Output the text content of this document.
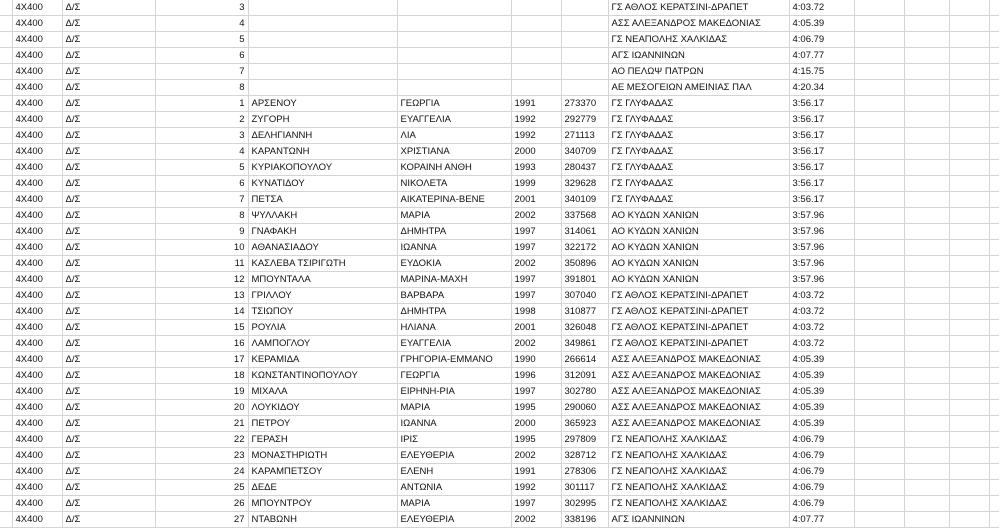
	4X400	Δ/Σ	3					ΓΣ ΑΘΛΟΣ ΚΕΡΑΤΣΙΝΙ-ΔΡΑΠΕΤ	4:03.72				
	4X400	Δ/Σ	4					ΑΣΣ ΑΛΕΞΑΝΔΡΟΣ ΜΑΚΕΔΟΝΙΑΣ	4:05.39				
	4X400	Δ/Σ	5					ΓΣ ΝΕΑΠΟΛΗΣ ΧΑΛΚΙΔΑΣ	4:06.79				
	4X400	Δ/Σ	6					ΑΓΣ ΙΩΑΝΝΙΝΩΝ	4:07.77				
	4X400	Δ/Σ	7					ΑΟ ΠΕΛΩΨ ΠΑΤΡΩΝ	4:15.75				
	4X400	Δ/Σ	8					ΑΕ ΜΕΣΟΓΕΙΩΝ ΑΜΕΙΝΙΑΣ ΠΑΛ	4:20.34				
	4X400	Δ/Σ	1	ΑΡΣΕΝΟΥ	ΓΕΩΡΓΙΑ	1991	273370	ΓΣ ΓΛΥΦΑΔΑΣ	3:56.17				
	4X400	Δ/Σ	2	ΖΥΓΟΡΗ	ΕΥΑΓΓΕΛΙΑ	1992	292779	ΓΣ ΓΛΥΦΑΔΑΣ	3:56.17				
	4X400	Δ/Σ	3	ΔΕΛΗΓΙΑΝΝΗ	ΛΙΑ	1992	271113	ΓΣ ΓΛΥΦΑΔΑΣ	3:56.17				
	4X400	Δ/Σ	4	ΚΑΡΑΝΤΩΝΗ	ΧΡΙΣΤΙΑΝΑ	2000	340709	ΓΣ ΓΛΥΦΑΔΑΣ	3:56.17				
	4X400	Δ/Σ	5	ΚΥΡΙΑΚΟΠΟΥΛΟΥ	ΚΟΡΑΙΝΗ ΑΝΘΗ	1993	280437	ΓΣ ΓΛΥΦΑΔΑΣ	3:56.17				
	4X400	Δ/Σ	6	ΚΥΝΑΤΙΔΟΥ	ΝΙΚΟΛΕΤΑ	1999	329628	ΓΣ ΓΛΥΦΑΔΑΣ	3:56.17				
	4X400	Δ/Σ	7	ΠΕΤΣΑ	ΑΙΚΑΤΕΡΙΝΑ-ΒΕΝΕ	2001	340109	ΓΣ ΓΛΥΦΑΔΑΣ	3:56.17				
	4X400	Δ/Σ	8	ΨΥΛΛΑΚΗ	ΜΑΡΙΑ	2002	337568	ΑΟ ΚΥΔΩΝ ΧΑΝΙΩΝ	3:57.96				
	4X400	Δ/Σ	9	ΓΝΑΦΑΚΗ	ΔΗΜΗΤΡΑ	1997	314061	ΑΟ ΚΥΔΩΝ ΧΑΝΙΩΝ	3:57.96				
	4X400	Δ/Σ	10	ΑΘΑΝΑΣΙΑΔΟΥ	ΙΩΑΝΝΑ	1997	322172	ΑΟ ΚΥΔΩΝ ΧΑΝΙΩΝ	3:57.96				
	4X400	Δ/Σ	11	ΚΑΣΛΕΒΑ ΤΣΙΡΙΓΩΤΗ	ΕΥΔΟΚΙΑ	2002	350896	ΑΟ ΚΥΔΩΝ ΧΑΝΙΩΝ	3:57.96				
	4X400	Δ/Σ	12	ΜΠΟΥΝΤΑΛΑ	ΜΑΡΙΝΑ-ΜΑΧΗ	1997	391801	ΑΟ ΚΥΔΩΝ ΧΑΝΙΩΝ	3:57.96				
	4X400	Δ/Σ	13	ΓΡΙΛΛΟΥ	ΒΑΡΒΑΡΑ	1997	307040	ΓΣ ΑΘΛΟΣ ΚΕΡΑΤΣΙΝΙ-ΔΡΑΠΕΤ	4:03.72				
	4X400	Δ/Σ	14	ΤΣΙΩΠΟΥ	ΔΗΜΗΤΡΑ	1998	310877	ΓΣ ΑΘΛΟΣ ΚΕΡΑΤΣΙΝΙ-ΔΡΑΠΕΤ	4:03.72				
	4X400	Δ/Σ	15	ΡΟΥΛΙΑ	ΗΛΙΑΝΑ	2001	326048	ΓΣ ΑΘΛΟΣ ΚΕΡΑΤΣΙΝΙ-ΔΡΑΠΕΤ	4:03.72				
	4X400	Δ/Σ	16	ΛΑΜΠΟΓΛΟΥ	ΕΥΑΓΓΕΛΙΑ	2002	349861	ΓΣ ΑΘΛΟΣ ΚΕΡΑΤΣΙΝΙ-ΔΡΑΠΕΤ	4:03.72				
	4X400	Δ/Σ	17	ΚΕΡΑΜΙΔΑ	ΓΡΗΓΟΡΙΑ-ΕΜΜΑΝΟ	1990	266614	ΑΣΣ ΑΛΕΞΑΝΔΡΟΣ ΜΑΚΕΔΟΝΙΑΣ	4:05.39				
	4X400	Δ/Σ	18	ΚΩΝΣΤΑΝΤΙΝΟΠΟΥΛΟΥ	ΓΕΩΡΓΙΑ	1996	312091	ΑΣΣ ΑΛΕΞΑΝΔΡΟΣ ΜΑΚΕΔΟΝΙΑΣ	4:05.39				
	4X400	Δ/Σ	19	ΜΙΧΑΛΑ	ΕΙΡΗΝΗ-ΡΙΑ	1997	302780	ΑΣΣ ΑΛΕΞΑΝΔΡΟΣ ΜΑΚΕΔΟΝΙΑΣ	4:05.39				
	4X400	Δ/Σ	20	ΛΟΥΚΙΔΟΥ	ΜΑΡΙΑ	1995	290060	ΑΣΣ ΑΛΕΞΑΝΔΡΟΣ ΜΑΚΕΔΟΝΙΑΣ	4:05.39				
	4X400	Δ/Σ	21	ΠΕΤΡΟΥ	ΙΩΑΝΝΑ	2000	365923	ΑΣΣ ΑΛΕΞΑΝΔΡΟΣ ΜΑΚΕΔΟΝΙΑΣ	4:05.39				
	4X400	Δ/Σ	22	ΓΕΡΑΣΗ	ΙΡΙΣ	1995	297809	ΓΣ ΝΕΑΠΟΛΗΣ ΧΑΛΚΙΔΑΣ	4:06.79				
	4X400	Δ/Σ	23	ΜΟΝΑΣΤΗΡΙΩΤΗ	ΕΛΕΥΘΕΡΙΑ	2002	328712	ΓΣ ΝΕΑΠΟΛΗΣ ΧΑΛΚΙΔΑΣ	4:06.79				
	4X400	Δ/Σ	24	ΚΑΡΑΜΠΕΤΣΟΥ	ΕΛΕΝΗ	1991	278306	ΓΣ ΝΕΑΠΟΛΗΣ ΧΑΛΚΙΔΑΣ	4:06.79				
	4X400	Δ/Σ	25	ΔΕΔΕ	ΑΝΤΩΝΙΑ	1992	301117	ΓΣ ΝΕΑΠΟΛΗΣ ΧΑΛΚΙΔΑΣ	4:06.79				
	4X400	Δ/Σ	26	ΜΠΟΥΝΤΡΟΥ	ΜΑΡΙΑ	1997	302995	ΓΣ ΝΕΑΠΟΛΗΣ ΧΑΛΚΙΔΑΣ	4:06.79				
	4X400	Δ/Σ	27	ΝΤΑΒΩΝΗ	ΕΛΕΥΘΕΡΙΑ	2002	338196	ΑΓΣ ΙΩΑΝΝΙΝΩΝ	4:07.77				
